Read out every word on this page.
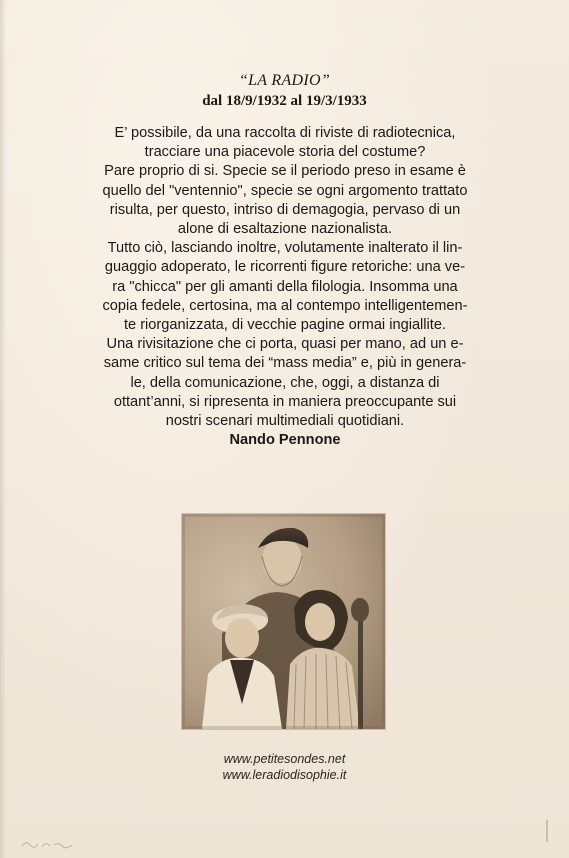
“LA RADIO”
dal 18/9/1932 al 19/3/1933
E’ possibile, da una raccolta di riviste di radiotecnica,
tracciare una piacevole storia del costume?
Pare proprio di si. Specie se il periodo preso in esame è
quello del "ventennio", specie se ogni argomento trattato
risulta, per questo, intriso di demagogia, pervaso di un
alone di esaltazione nazionalista.
Tutto ciò, lasciando inoltre, volutamente inalterato il lin-
guaggio adoperato, le ricorrenti figure retoriche: una ve-
ra "chicca" per gli amanti della filologia. Insomma una
copia fedele, certosina, ma al contempo intelligentemen-
te riorganizzata, di vecchie pagine ormai ingiallite.
Una rivisitazione che ci porta, quasi per mano, ad un e-
same critico sul tema dei “mass media” e, più in genera-
le, della comunicazione, che, oggi, a distanza di
ottant’anni, si ripresenta in maniera preoccupante sui
nostri scenari multimediali quotidiani.
Nando Pennone
www.petitesondes.net
www.leradiodisophie.it
